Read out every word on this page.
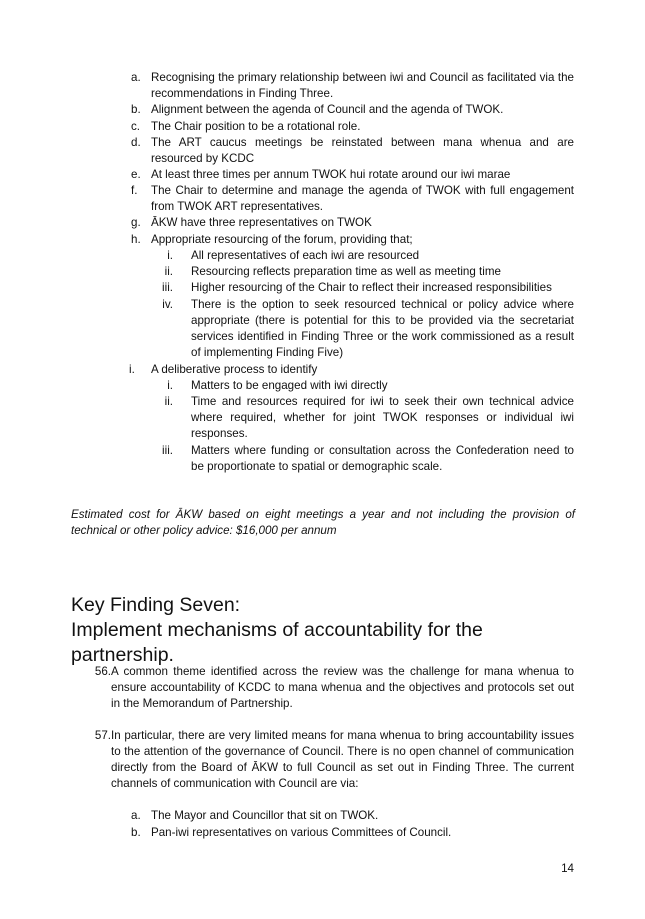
a. Recognising the primary relationship between iwi and Council as facilitated via the recommendations in Finding Three.
b. Alignment between the agenda of Council and the agenda of TWOK.
c. The Chair position to be a rotational role.
d. The ART caucus meetings be reinstated between mana whenua and are resourced by KCDC
e. At least three times per annum TWOK hui rotate around our iwi marae
f. The Chair to determine and manage the agenda of TWOK with full engagement from TWOK ART representatives.
g. ĀKW have three representatives on TWOK
h. Appropriate resourcing of the forum, providing that;
i. All representatives of each iwi are resourced
ii. Resourcing reflects preparation time as well as meeting time
iii. Higher resourcing of the Chair to reflect their increased responsibilities
iv. There is the option to seek resourced technical or policy advice where appropriate (there is potential for this to be provided via the secretariat services identified in Finding Three or the work commissioned as a result of implementing Finding Five)
i. A deliberative process to identify
i. Matters to be engaged with iwi directly
ii. Time and resources required for iwi to seek their own technical advice where required, whether for joint TWOK responses or individual iwi responses.
iii. Matters where funding or consultation across the Confederation need to be proportionate to spatial or demographic scale.
Estimated cost for ĀKW based on eight meetings a year and not including the provision of technical or other policy advice: $16,000 per annum
Key Finding Seven:
Implement mechanisms of accountability for the partnership.
56. A common theme identified across the review was the challenge for mana whenua to ensure accountability of KCDC to mana whenua and the objectives and protocols set out in the Memorandum of Partnership.
57. In particular, there are very limited means for mana whenua to bring accountability issues to the attention of the governance of Council. There is no open channel of communication directly from the Board of ĀKW to full Council as set out in Finding Three. The current channels of communication with Council are via:
a. The Mayor and Councillor that sit on TWOK.
b. Pan-iwi representatives on various Committees of Council.
14
